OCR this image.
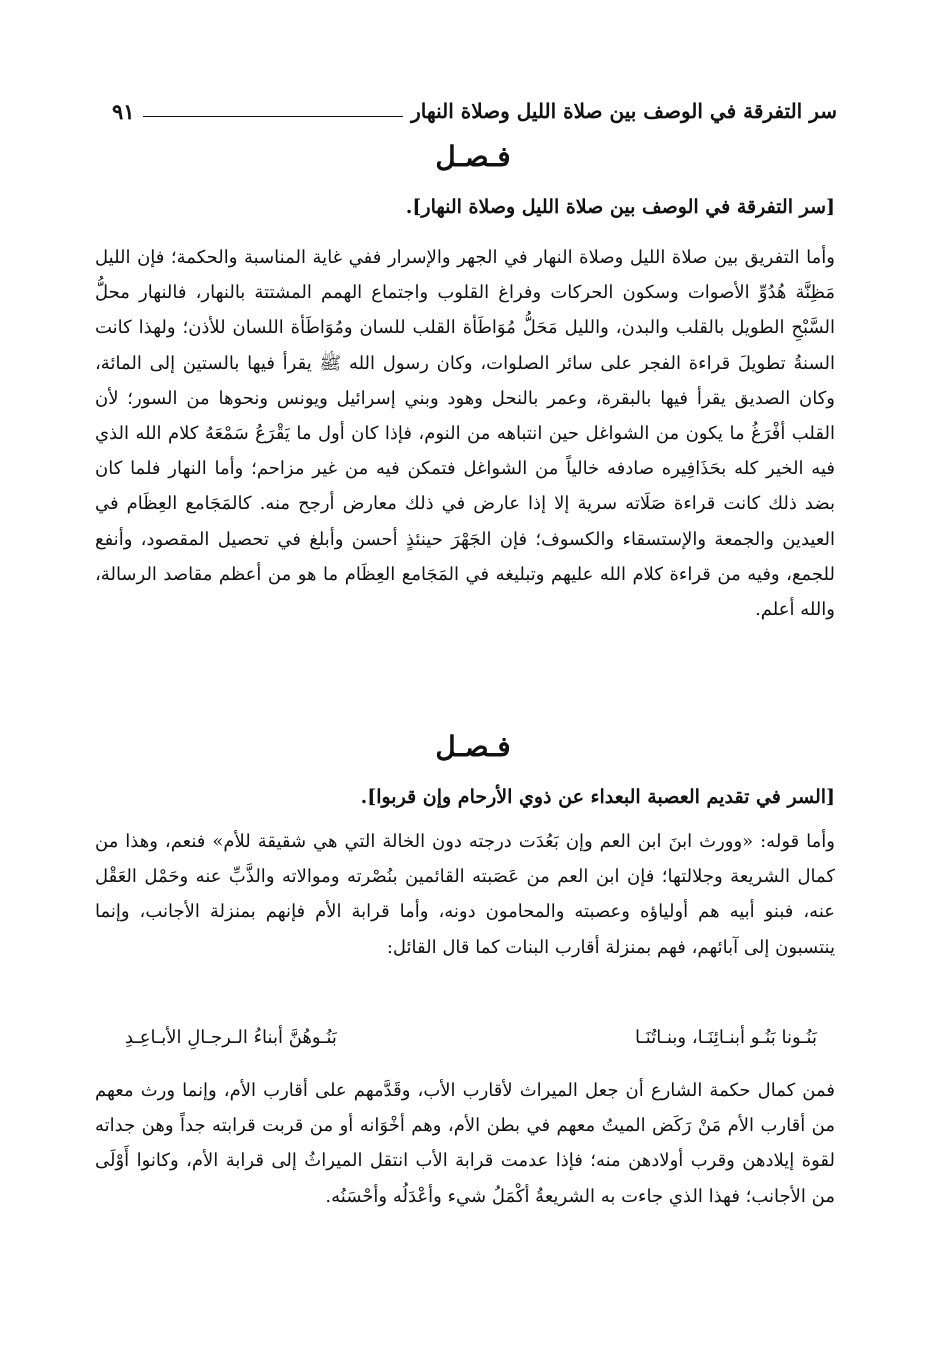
سر التفرقة في الوصف بين صلاة الليل وصلاة النهار
٩١
فـصـل
[سر التفرقة في الوصف بين صلاة الليل وصلاة النهار].

وأما التفريق بين صلاة الليل وصلاة النهار في الجهر والإسرار ففي غاية المناسبة والحكمة؛ فإن الليل مَظِنَّة هُدُوِّ الأصوات وسكون الحركات وفراغ القلوب واجتماع الهمم المشتتة بالنهار، فالنهار محلُّ السَّبْحِ الطويل بالقلب والبدن، والليل مَحَلُّ مُوَاطَأة القلب للسان ومُوَاطَأة اللسان للأذن؛ ولهذا كانت السنةُ تطويلَ قراءة الفجر على سائر الصلوات، وكان رسول الله ﷺ يقرأ فيها بالستين إلى المائة، وكان الصديق يقرأ فيها بالبقرة، وعمر بالنحل وهود وبني إسرائيل ويونس ونحوها من السور؛ لأن القلب أفْرَغُ ما يكون من الشواغل حين انتباهه من النوم، فإذا كان أول ما يَقْرَعُ سَمْعَهُ كلام الله الذي فيه الخير كله بحَذَافِيره صادفه خالياً من الشواغل فتمكن فيه من غير مزاحم؛ وأما النهار فلما كان بضد ذلك كانت قراءة صَلَاته سرية إلا إذا عارض في ذلك معارض أرجح منه. كالمَجَامع العِظَام في العيدين والجمعة والإستسقاء والكسوف؛ فإن الجَهْرَ حينئذٍ أحسن وأبلغ في تحصيل المقصود، وأنفع للجمع، وفيه من قراءة كلام الله عليهم وتبليغه في المَجَامع العِظَام ما هو من أعظم مقاصد الرسالة، والله أعلم.

فـصـل
[السر في تقديم العصبة البعداء عن ذوي الأرحام وإن قربوا].

وأما قوله: «وورث ابنَ ابن العم وإن بَعُدَت درجته دون الخالة التي هي شقيقة للأم» فنعم، وهذا من كمال الشريعة وجلالتها؛ فإن ابن العم من عَصَبته القائمين بنُصْرته وموالاته والذَّبِّ عنه وحَمْل العَقْل عنه، فبنو أبيه هم أولياؤه وعصبته والمحامون دونه، وأما قرابة الأم فإنهم بمنزلة الأجانب، وإنما ينتسبون إلى آبائهم، فهم بمنزلة أقارب البنات كما قال القائل:

بَنُـونا بَنُـو أبنـائِنَـا، وبنـاتُنَـا
بَنُـوهُنَّ أبناءُ الـرجـالِ الأبـاعِـدِ

فمن كمال حكمة الشارع أن جعل الميراث لأقارب الأب، وقَدَّمهم على أقارب الأم، وإنما ورث معهم من أقارب الأم مَنْ رَكَض الميتُ معهم في بطن الأم، وهم أخْوَانه أو من قربت قرابته جداً وهن جداته لقوة إيلادهن وقرب أولادهن منه؛ فإذا عدمت قرابة الأب انتقل الميراثُ إلى قرابة الأم، وكانوا أَوْلَى من الأجانب؛ فهذا الذي جاءت به الشريعةُ أكْمَلُ شيء وأعْدَلُه وأحْسَنُه.
